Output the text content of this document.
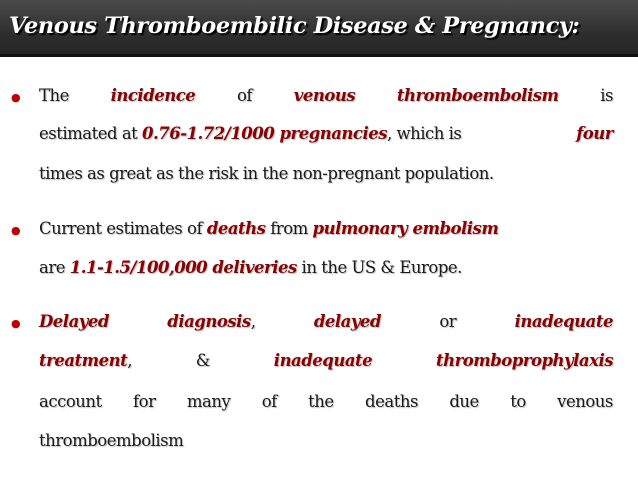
Venous Thromboembilic Disease & Pregnancy:
● The	incidence	of	venous	thromboembolism	is
estimated at 0.76-1.72/1000 pregnancies, which is	four
times as great as the risk in the non-pregnant population.
● Current estimates of deaths from pulmonary embolism
are 1.1-1.5/100,000 deliveries in the US & Europe.
● Delayed	diagnosis,	delayed	or	inadequate
treatment,	&	inadequate	thromboprophylaxis
account for many of the deaths due to venous
thromboembolism
